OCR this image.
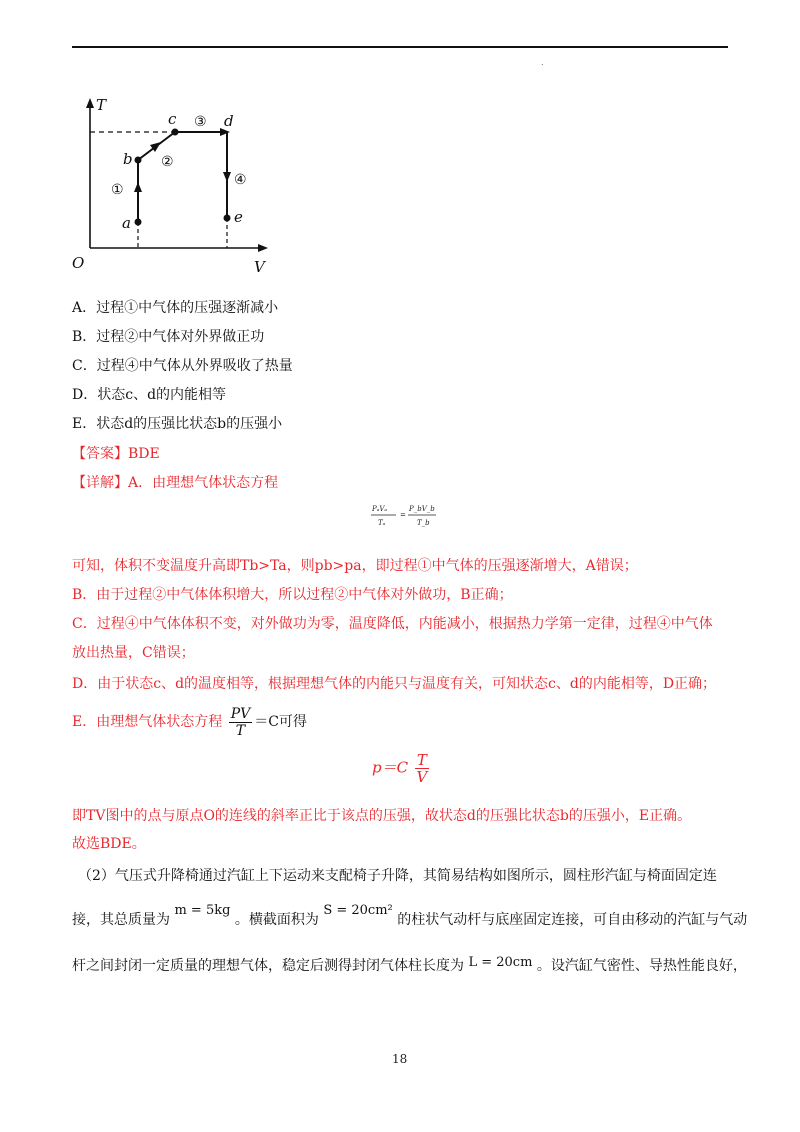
.
T
V
O
a
b
c	d
e
①
②
③
④
A．过程①中气体的压强逐渐减小
B．过程②中气体对外界做正功
C．过程④中气体从外界吸收了热量
D．状态c、d的内能相等
E．状态d的压强比状态b的压强小
【答案】BDE
【详解】A．由理想气体状态方程
PₐVₐ
Tₐ
=
P_bV_b
T_b
可知，体积不变温度升高即Tb>Ta，则pb>pa，即过程①中气体的压强逐渐增大，A错误；
B．由于过程②中气体体积增大，所以过程②中气体对外做功，B正确；
C．过程④中气体体积不变，对外做功为零，温度降低，内能减小，根据热力学第一定律，过程④中气体
放出热量，C错误；
D．由于状态c、d的温度相等，根据理想气体的内能只与温度有关，可知状态c、d的内能相等，D正确；
E．由理想气体状态方程 $\frac{PV}{T} =C$可得
$p=C \frac{T}{V}$
即TV图中的点与原点O的连线的斜率正比于该点的压强，故状态d的压强比状态b的压强小，E正确。
故选BDE。
（2）气压式升降椅通过汽缸上下运动来支配椅子升降，其简易结构如图所示，圆柱形汽缸与椅面固定连
接，其总质量为 m = 5kg 。横截面积为 S = 20cm² 的柱状气动杆与底座固定连接，可自由移动的汽缸与气动
杆之间封闭一定质量的理想气体，稳定后测得封闭气体柱长度为 L = 20cm 。设汽缸气密性、导热性能良好，
18
